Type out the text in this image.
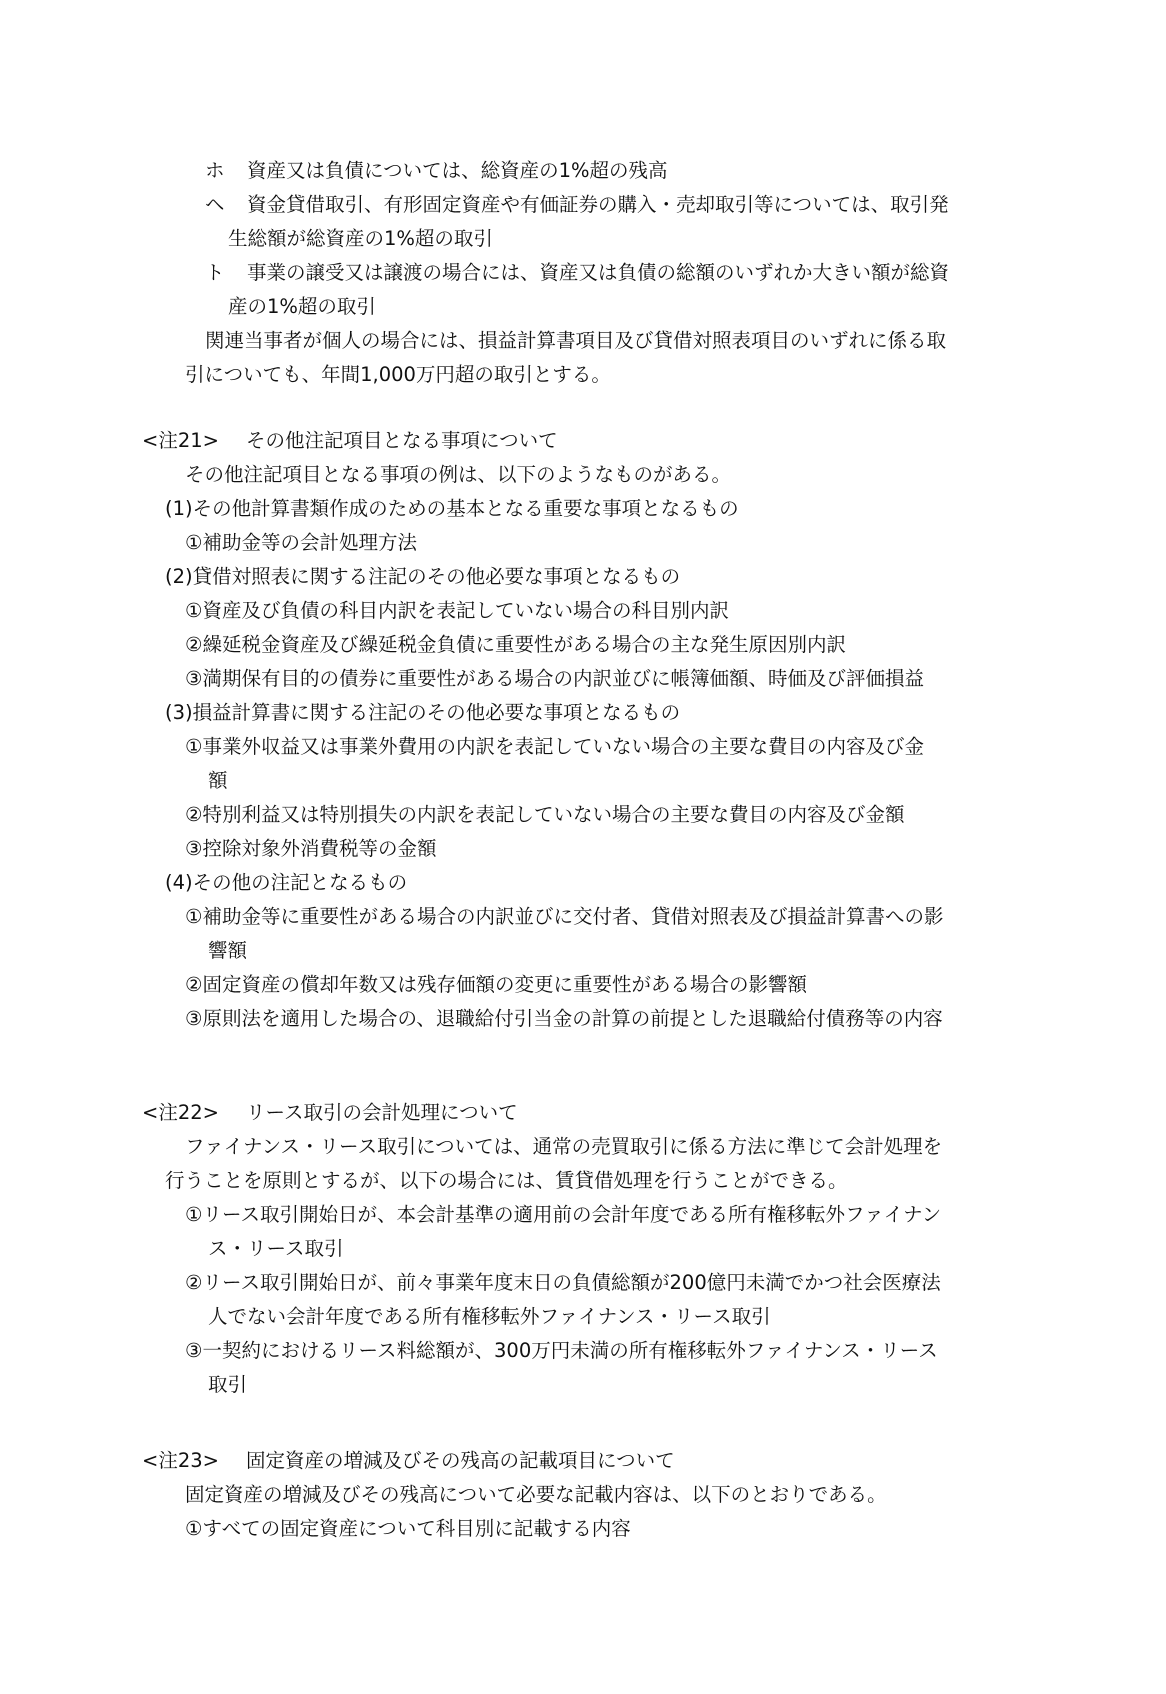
ホ 資産又は負債については、総資産の1%超の残高
ヘ 資金貸借取引、有形固定資産や有価証券の購入・売却取引等については、取引発
生総額が総資産の1%超の取引
ト 事業の譲受又は譲渡の場合には、資産又は負債の総額のいずれか大きい額が総資
産の1%超の取引
関連当事者が個人の場合には、損益計算書項目及び貸借対照表項目のいずれに係る取
引についても、年間1,000万円超の取引とする。
<注21> その他注記項目となる事項について
その他注記項目となる事項の例は、以下のようなものがある。
(1)その他計算書類作成のための基本となる重要な事項となるもの
①補助金等の会計処理方法
(2)貸借対照表に関する注記のその他必要な事項となるもの
①資産及び負債の科目内訳を表記していない場合の科目別内訳
②繰延税金資産及び繰延税金負債に重要性がある場合の主な発生原因別内訳
③満期保有目的の債券に重要性がある場合の内訳並びに帳簿価額、時価及び評価損益
(3)損益計算書に関する注記のその他必要な事項となるもの
①事業外収益又は事業外費用の内訳を表記していない場合の主要な費目の内容及び金
額
②特別利益又は特別損失の内訳を表記していない場合の主要な費目の内容及び金額
③控除対象外消費税等の金額
(4)その他の注記となるもの
①補助金等に重要性がある場合の内訳並びに交付者、貸借対照表及び損益計算書への影
響額
②固定資産の償却年数又は残存価額の変更に重要性がある場合の影響額
③原則法を適用した場合の、退職給付引当金の計算の前提とした退職給付債務等の内容
<注22> リース取引の会計処理について
ファイナンス・リース取引については、通常の売買取引に係る方法に準じて会計処理を
行うことを原則とするが、以下の場合には、賃貸借処理を行うことができる。
①リース取引開始日が、本会計基準の適用前の会計年度である所有権移転外ファイナン
ス・リース取引
②リース取引開始日が、前々事業年度末日の負債総額が200億円未満でかつ社会医療法
人でない会計年度である所有権移転外ファイナンス・リース取引
③一契約におけるリース料総額が、300万円未満の所有権移転外ファイナンス・リース
取引
<注23> 固定資産の増減及びその残高の記載項目について
固定資産の増減及びその残高について必要な記載内容は、以下のとおりである。
①すべての固定資産について科目別に記載する内容
